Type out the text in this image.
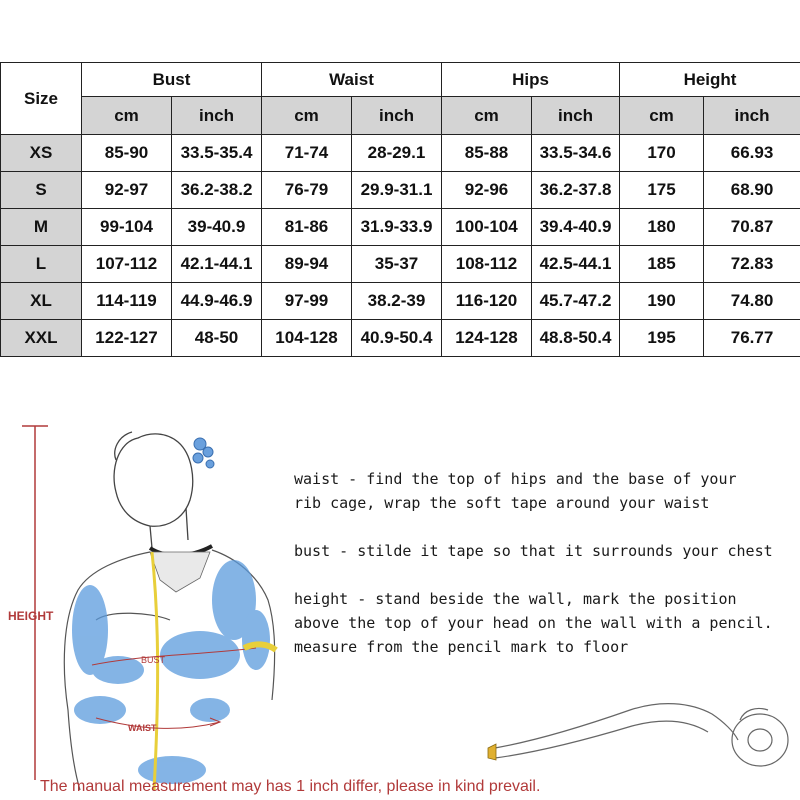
Size	Bust		Waist		Hips		Height	
	cm	inch	cm	inch	cm	inch	cm	inch
XS	85-90	33.5-35.4	71-74	28-29.1	85-88	33.5-34.6	170	66.93
S	92-97	36.2-38.2	76-79	29.9-31.1	92-96	36.2-37.8	175	68.90
M	99-104	39-40.9	81-86	31.9-33.9	100-104	39.4-40.9	180	70.87
L	107-112	42.1-44.1	89-94	35-37	108-112	42.5-44.1	185	72.83
XL	114-119	44.9-46.9	97-99	38.2-39	116-120	45.7-47.2	190	74.80
XXL	122-127	48-50	104-128	40.9-50.4	124-128	48.8-50.4	195	76.77
HEIGHT
BUST
WAIST
waist - find the top of hips and the base of your
rib cage, wrap the soft tape around your waist
bust - stilde it tape so that it surrounds your chest
height - stand beside the wall, mark the position
above the top of your head on the wall with a pencil.
measure from the pencil mark to floor
The manual measurement may has 1 inch differ, please in kind prevail.
